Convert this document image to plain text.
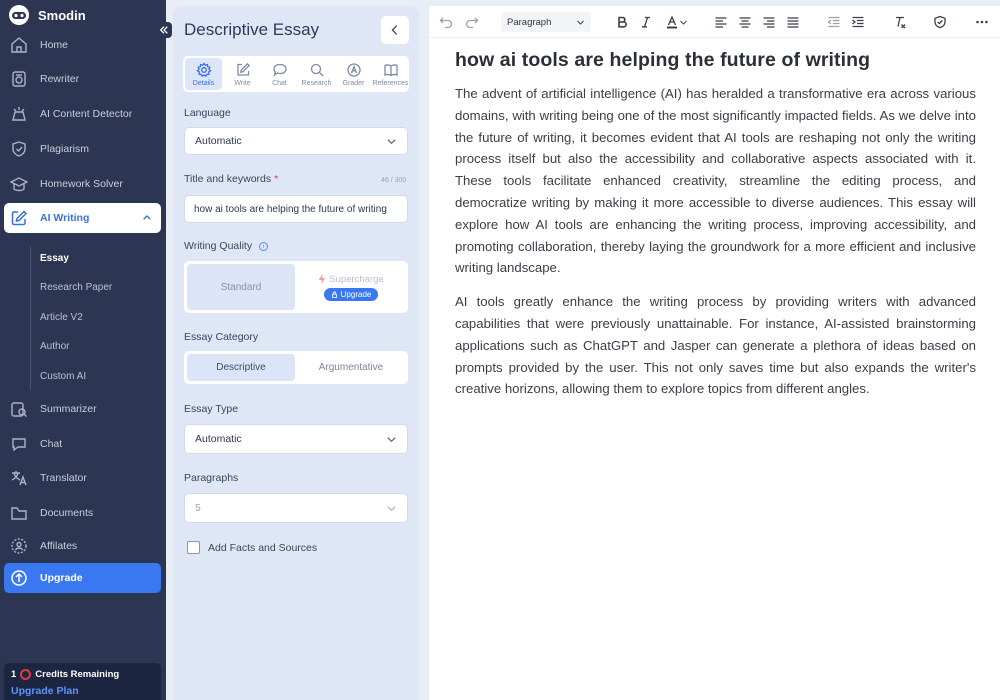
Smodin
Home
Rewriter
AI Content Detector
Plagiarism
Homework Solver
AI Writing
Essay
Research Paper
Article V2
Author
Custom AI
Summarizer
Chat
Translator
Documents
Affilates
Upgrade
1 Credits Remaining
Upgrade Plan
Descriptive Essay
Details	Write	Chat Research Grader References
Language
Automatic
Title and keywords *	46 / 300
how ai tools are helping the future of writing
Writing Quality i
Standard
Supercharge
Upgrade
Essay Category
Descriptive	Argumentative
Essay Type
Automatic
Paragraphs
5
Add Facts and Sources
Paragraph
how ai tools are helping the future of writing

The advent of artificial intelligence (AI) has heralded a transformative era across various domains, with writing being one of the most significantly impacted fields. As we delve into the future of writing, it becomes evident that AI tools are reshaping not only the writing process itself but also the accessibility and collaborative aspects associated with it. These tools facilitate enhanced creativity, streamline the editing process, and democratize writing by making it more accessible to diverse audiences. This essay will explore how AI tools are enhancing the writing process, improving accessibility, and promoting collaboration, thereby laying the groundwork for a more efficient and inclusive writing landscape.

AI tools greatly enhance the writing process by providing writers with advanced capabilities that were previously unattainable. For instance, AI-assisted brainstorming applications such as ChatGPT and Jasper can generate a plethora of ideas based on prompts provided by the user. This not only saves time but also expands the writer's creative horizons, allowing them to explore topics from different angles.
